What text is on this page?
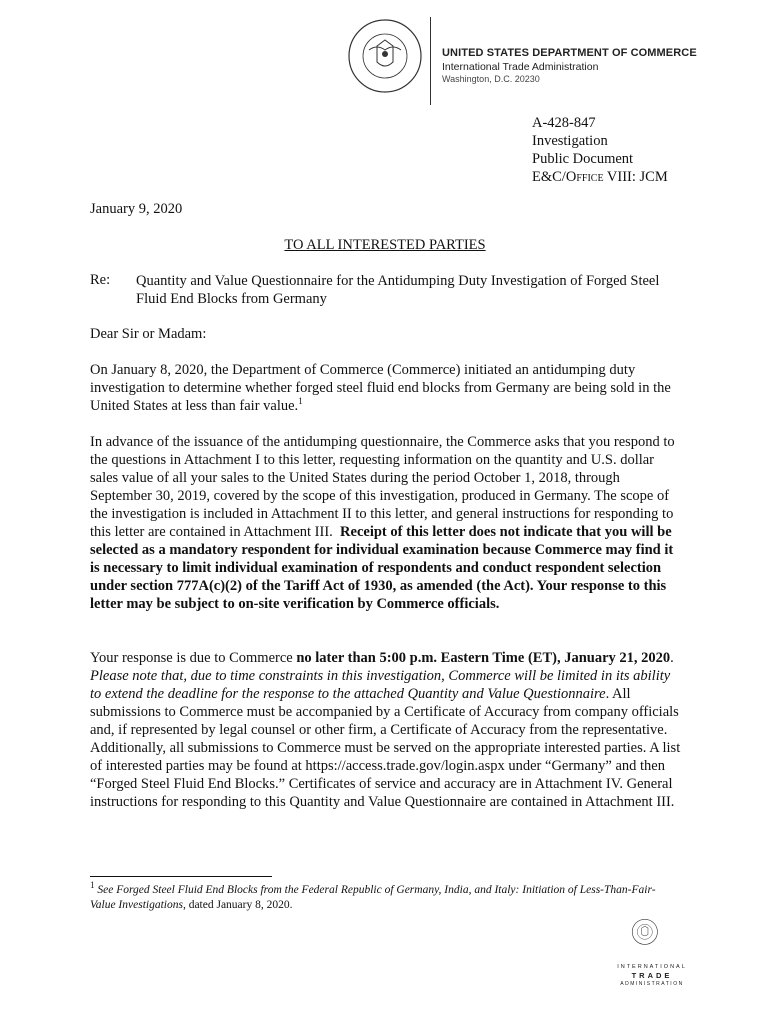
UNITED STATES DEPARTMENT OF COMMERCE
International Trade Administration
Washington, D.C. 20230
A-428-847
Investigation
Public Document
E&C/Office VIII: JCM
January 9, 2020
TO ALL INTERESTED PARTIES
Re: Quantity and Value Questionnaire for the Antidumping Duty Investigation of Forged Steel Fluid End Blocks from Germany
Dear Sir or Madam:
On January 8, 2020, the Department of Commerce (Commerce) initiated an antidumping duty investigation to determine whether forged steel fluid end blocks from Germany are being sold in the United States at less than fair value.$^1$
In advance of the issuance of the antidumping questionnaire, the Commerce asks that you respond to the questions in Attachment I to this letter, requesting information on the quantity and U.S. dollar sales value of all your sales to the United States during the period October 1, 2018, through September 30, 2019, covered by the scope of this investigation, produced in Germany. The scope of the investigation is included in Attachment II to this letter, and general instructions for responding to this letter are contained in Attachment III. Receipt of this letter does not indicate that you will be selected as a mandatory respondent for individual examination because Commerce may find it is necessary to limit individual examination of respondents and conduct respondent selection under section 777A(c)(2) of the Tariff Act of 1930, as amended (the Act). Your response to this letter may be subject to on-site verification by Commerce officials.
Your response is due to Commerce no later than 5:00 p.m. Eastern Time (ET), January 21, 2020.  Please note that, due to time constraints in this investigation, Commerce will be limited in its ability to extend the deadline for the response to the attached Quantity and Value Questionnaire. All submissions to Commerce must be accompanied by a Certificate of Accuracy from company officials and, if represented by legal counsel or other firm, a Certificate of Accuracy from the representative. Additionally, all submissions to Commerce must be served on the appropriate interested parties. A list of interested parties may be found at https://access.trade.gov/login.aspx under “Germany” and then “Forged Steel Fluid End Blocks.” Certificates of service and accuracy are in Attachment IV. General instructions for responding to this Quantity and Value Questionnaire are contained in Attachment III.
$^1$ See Forged Steel Fluid End Blocks from the Federal Republic of Germany, India, and Italy: Initiation of Less-Than-Fair-Value Investigations, dated January 8, 2020.
INTERNATIONAL
TRADE
ADMINISTRATION
